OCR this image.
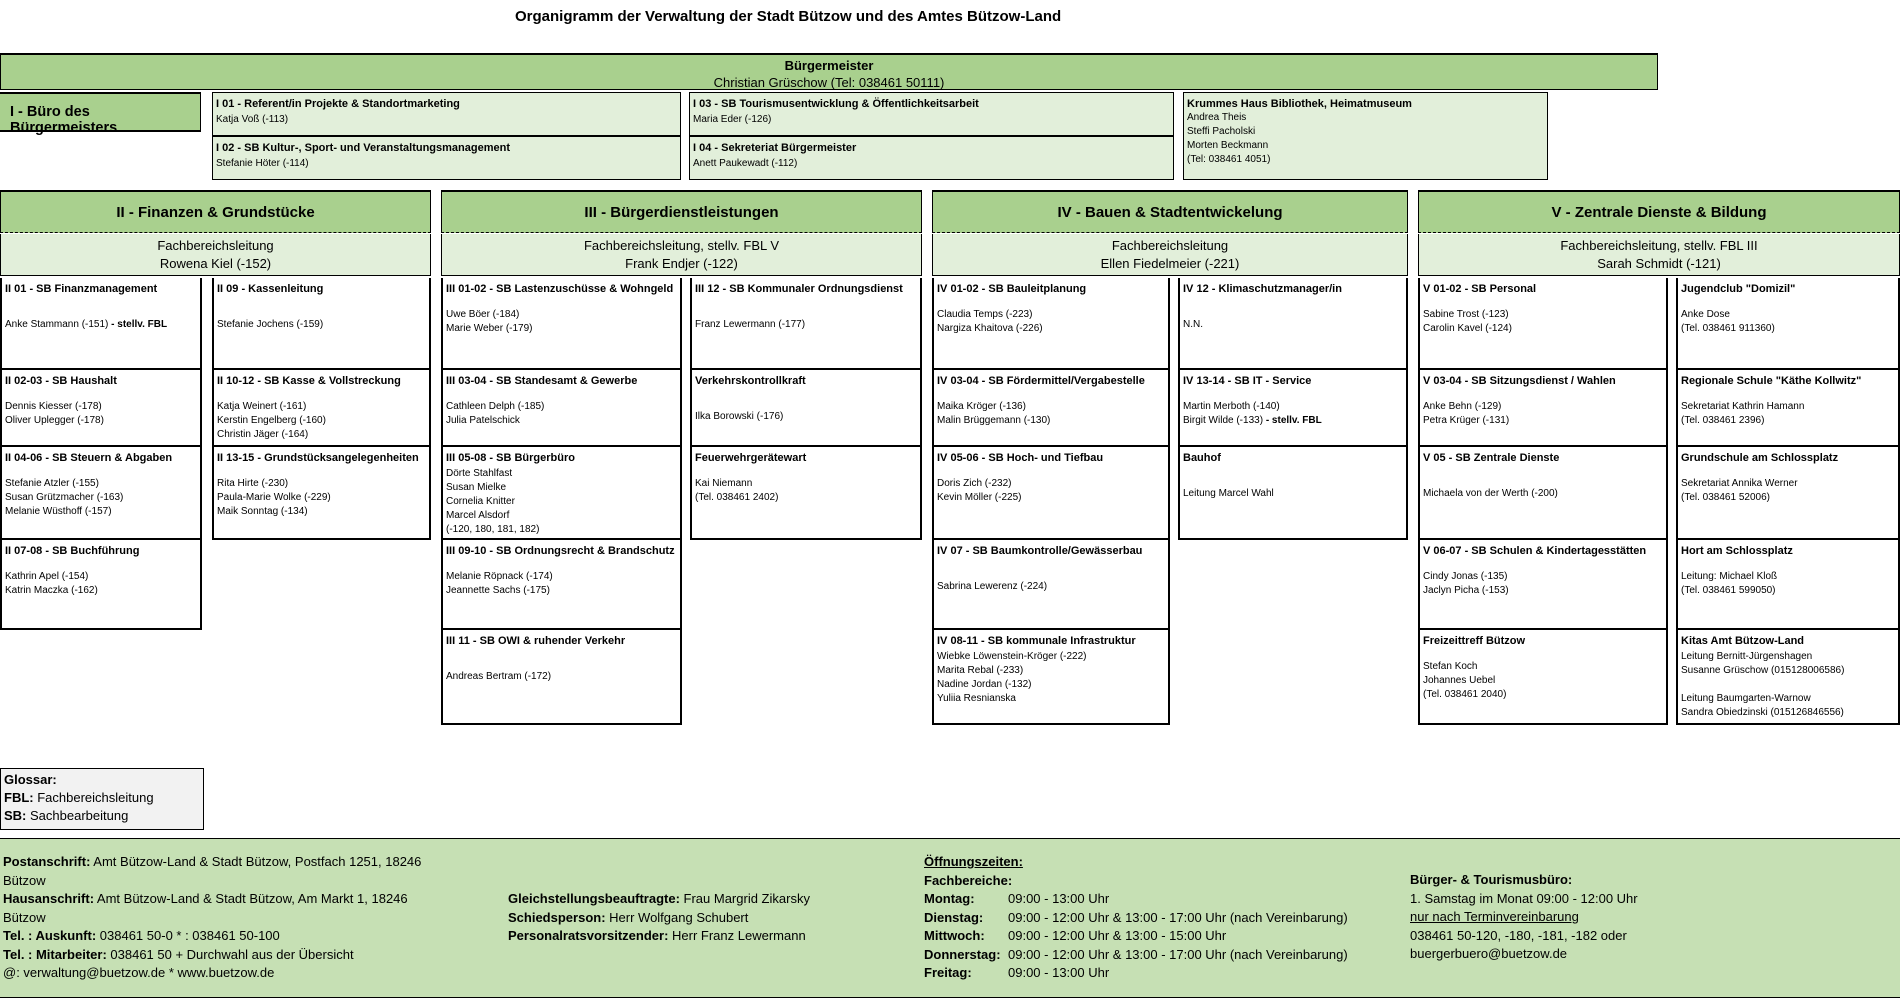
Organigramm der Verwaltung der Stadt Bützow und des Amtes Bützow-Land
Bürgermeister
Christian Grüschow (Tel: 038461 50111)
I - Büro des Bürgermeisters
I 01 - Referent/in Projekte & Standortmarketing
Katja Voß (-113)
I 02 - SB Kultur-, Sport- und Veranstaltungsmanagement
Stefanie Höter (-114)
I 03 - SB Tourismusentwicklung & Öffentlichkeitsarbeit
Maria Eder (-126)
I 04 - Sekreteriat Bürgermeister
Anett Paukewadt (-112)
Krummes Haus Bibliothek, Heimatmuseum
Andrea Theis
Steffi Pacholski
Morten Beckmann
(Tel: 038461 4051)
II - Finanzen & Grundstücke
Fachbereichsleitung
Rowena Kiel (-152)
II 01 - SB Finanzmanagement
Anke Stammann (-151) - stellv. FBL
II 02-03 - SB Haushalt
Dennis Kiesser (-178)
Oliver Uplegger (-178)
II 04-06 - SB Steuern & Abgaben
Stefanie Atzler (-155)
Susan Grützmacher (-163)
Melanie Wüsthoff (-157)
II 07-08 - SB Buchführung
Kathrin Apel (-154)
Katrin Maczka (-162)
II 09 - Kassenleitung
Stefanie Jochens (-159)
II 10-12 - SB Kasse & Vollstreckung
Katja Weinert (-161)
Kerstin Engelberg (-160)
Christin Jäger (-164)
II 13-15 - Grundstücksangelegenheiten
Rita Hirte (-230)
Paula-Marie Wolke (-229)
Maik Sonntag (-134)
III - Bürgerdienstleistungen
Fachbereichsleitung, stellv. FBL V
Frank Endjer (-122)
III 01-02 - SB Lastenzuschüsse & Wohngeld
Uwe Böer (-184)
Marie Weber (-179)
III 03-04 - SB Standesamt & Gewerbe
Cathleen Delph (-185)
Julia Patelschick
III 05-08 - SB Bürgerbüro
Dörte Stahlfast
Susan Mielke
Cornelia Knitter
Marcel Alsdorf
(-120, 180, 181, 182)
III 09-10 - SB Ordnungsrecht & Brandschutz
Melanie Röpnack (-174)
Jeannette Sachs (-175)
III 11 - SB OWI & ruhender Verkehr
Andreas Bertram (-172)
III 12 - SB Kommunaler Ordnungsdienst
Franz Lewermann (-177)
Verkehrskontrollkraft
Ilka Borowski (-176)
Feuerwehrgerätewart
Kai Niemann
(Tel. 038461 2402)
IV - Bauen & Stadtentwickelung
Fachbereichsleitung
Ellen Fiedelmeier (-221)
IV 01-02 - SB Bauleitplanung
Claudia Temps (-223)
Nargiza Khaitova (-226)
IV 03-04 - SB Fördermittel/Vergabestelle
Maika Kröger (-136)
Malin Brüggemann (-130)
IV 05-06 - SB Hoch- und Tiefbau
Doris Zich (-232)
Kevin Möller (-225)
IV 07 - SB Baumkontrolle/Gewässerbau
Sabrina Lewerenz (-224)
IV 08-11 - SB kommunale Infrastruktur
Wiebke Löwenstein-Kröger (-222)
Marita Rebal (-233)
Nadine Jordan (-132)
Yuliia Resnianska
IV 12 - Klimaschutzmanager/in
N.N.
IV 13-14 - SB IT - Service
Martin Merboth (-140)
Birgit Wilde (-133) - stellv. FBL
Bauhof
Leitung Marcel Wahl
V - Zentrale Dienste & Bildung
Fachbereichsleitung, stellv. FBL III
Sarah Schmidt (-121)
V 01-02 - SB Personal
Sabine Trost (-123)
Carolin Kavel (-124)
V 03-04 - SB Sitzungsdienst / Wahlen
Anke Behn (-129)
Petra Krüger (-131)
V 05 - SB Zentrale Dienste
Michaela von der Werth (-200)
V 06-07 - SB Schulen & Kindertagesstätten
Cindy Jonas (-135)
Jaclyn Picha (-153)
Freizeittreff Bützow
Stefan Koch
Johannes Uebel
(Tel. 038461 2040)
Jugendclub "Domizil"
Anke Dose
(Tel. 038461 911360)
Regionale Schule "Käthe Kollwitz"
Sekretariat Kathrin Hamann
(Tel. 038461 2396)
Grundschule am Schlossplatz
Sekretariat Annika Werner
(Tel. 038461 52006)
Hort am Schlossplatz
Leitung: Michael Kloß
(Tel. 038461 599050)
Kitas Amt Bützow-Land
Leitung Bernitt-Jürgenshagen
Susanne Grüschow (015128006586)

Leitung Baumgarten-Warnow
Sandra Obiedzinski (015126846556)
Glossar:
FBL: Fachbereichsleitung
SB: Sachbearbeitung
Postanschrift: Amt Bützow-Land & Stadt Bützow, Postfach 1251, 18246
Bützow
Hausanschrift: Amt Bützow-Land & Stadt Bützow, Am Markt 1, 18246
Bützow
Tel. : Auskunft: 038461 50-0 * : 038461 50-100
Tel. : Mitarbeiter: 038461 50 + Durchwahl aus der Übersicht
@: verwaltung@buetzow.de * www.buetzow.de
Gleichstellungsbeauftragte: Frau Margrid Zikarsky
Schiedsperson: Herr Wolfgang Schubert
Personalratsvorsitzender: Herr Franz Lewermann
Öffnungszeiten:
Fachbereiche:
Montag:	09:00 - 13:00 Uhr
Dienstag: 09:00 - 12:00 Uhr & 13:00 - 17:00 Uhr (nach Vereinbarung)
Mittwoch: 09:00 - 12:00 Uhr & 13:00 - 15:00 Uhr
Donnerstag: 09:00 - 12:00 Uhr & 13:00 - 17:00 Uhr (nach Vereinbarung)
Freitag:	09:00 - 13:00 Uhr
Bürger- & Tourismusbüro:
1. Samstag im Monat 09:00 - 12:00 Uhr
nur nach Terminvereinbarung
038461 50-120, -180, -181, -182 oder
buergerbuero@buetzow.de
